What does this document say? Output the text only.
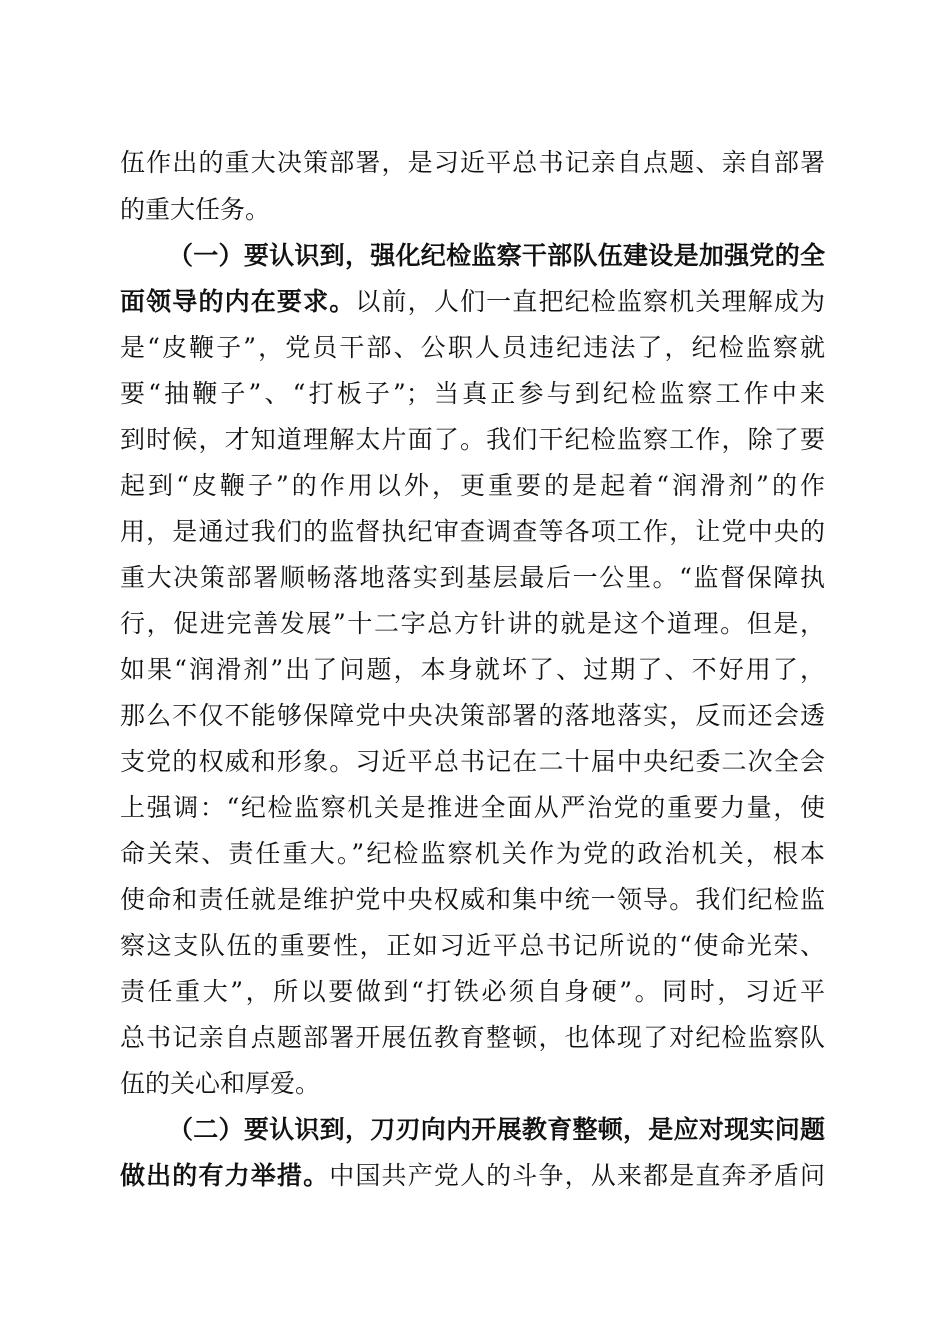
伍作出的重大决策部署，是习近平总书记亲自点题、亲自部署
的重大任务。
（一）要认识到，强化纪检监察干部队伍建设是加强党的全
面领导的内在要求。以前，人们一直把纪检监察机关理解成为
是“皮鞭子”，党员干部、公职人员违纪违法了，纪检监察就
要“抽鞭子”、“打板子”；当真正参与到纪检监察工作中来
到时候，才知道理解太片面了。我们干纪检监察工作，除了要
起到“皮鞭子”的作用以外，更重要的是起着“润滑剂”的作
用，是通过我们的监督执纪审查调查等各项工作，让党中央的
重大决策部署顺畅落地落实到基层最后一公里。“监督保障执
行，促进完善发展”十二字总方针讲的就是这个道理。但是，
如果“润滑剂”出了问题，本身就坏了、过期了、不好用了，
那么不仅不能够保障党中央决策部署的落地落实，反而还会透
支党的权威和形象。习近平总书记在二十届中央纪委二次全会
上强调：“纪检监察机关是推进全面从严治党的重要力量，使
命关荣、责任重大。”纪检监察机关作为党的政治机关，根本
使命和责任就是维护党中央权威和集中统一领导。我们纪检监
察这支队伍的重要性，正如习近平总书记所说的“使命光荣、
责任重大”，所以要做到“打铁必须自身硬”。同时，习近平
总书记亲自点题部署开展伍教育整顿，也体现了对纪检监察队
伍的关心和厚爱。
（二）要认识到，刀刃向内开展教育整顿，是应对现实问题
做出的有力举措。中国共产党人的斗争，从来都是直奔矛盾问
